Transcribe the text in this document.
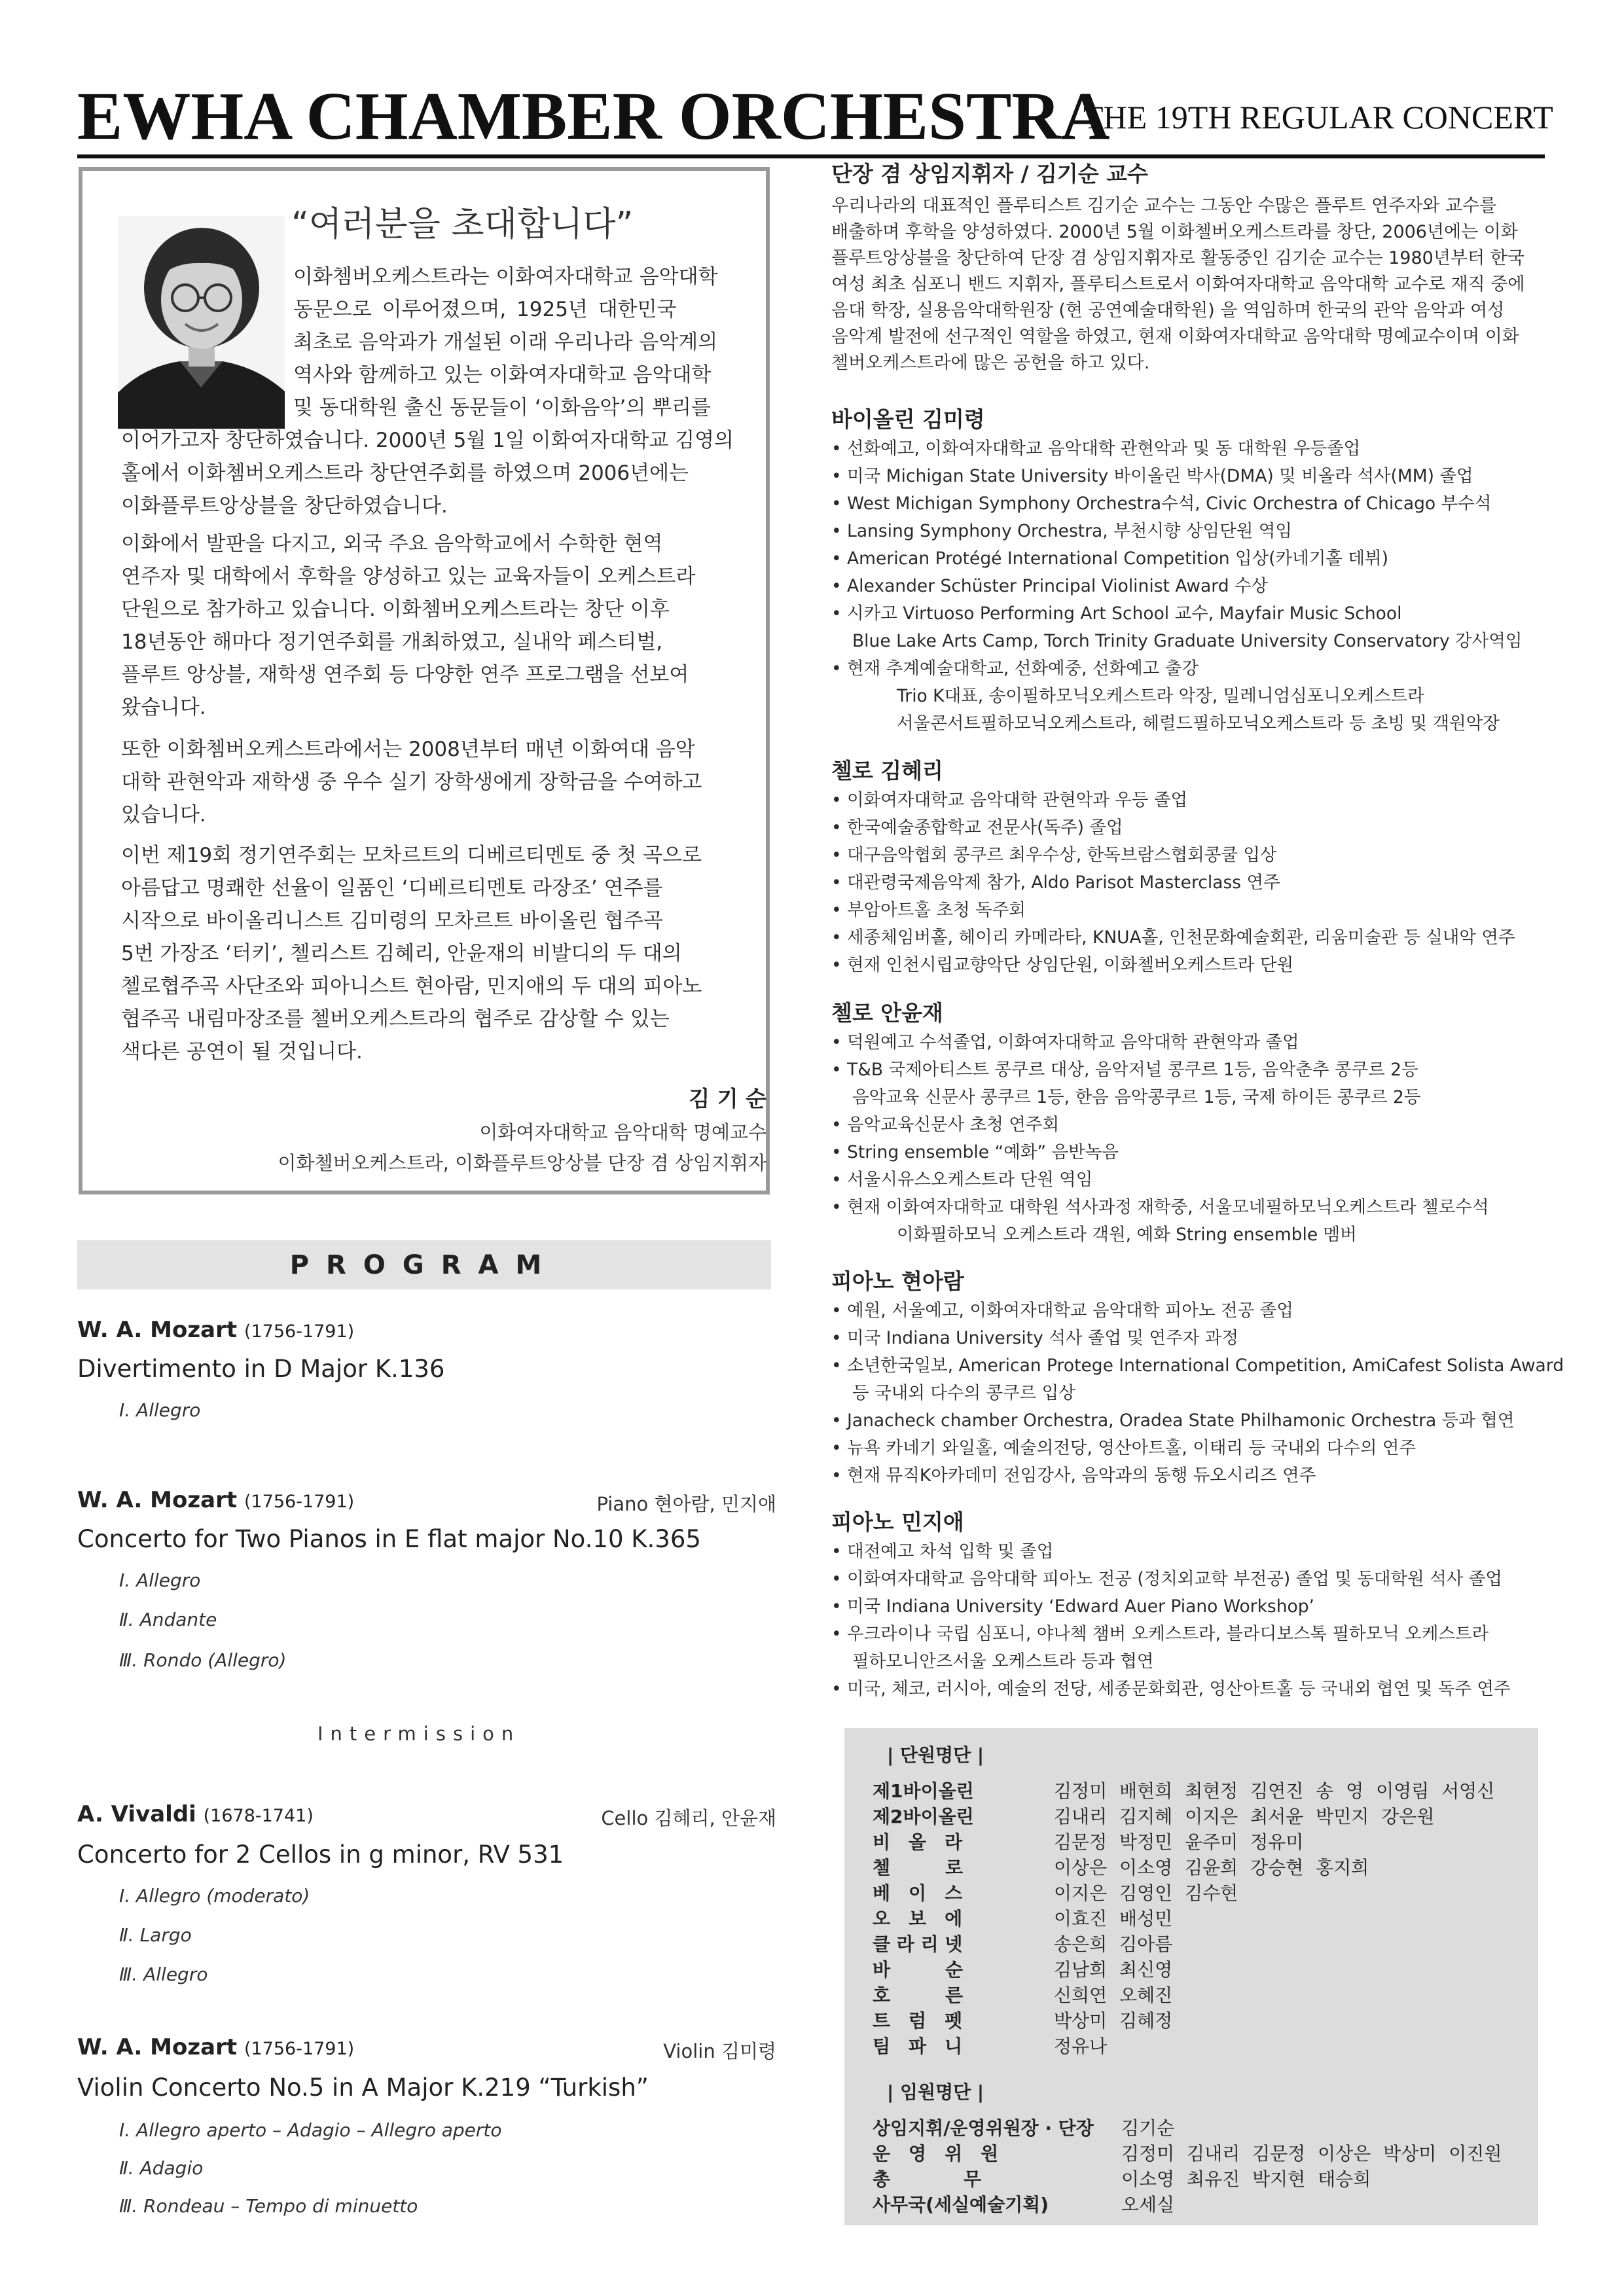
EWHA CHAMBER ORCHESTRA
THE 19TH REGULAR CONCERT
“여러분을 초대합니다”
이화쳄버오케스트라는 이화여자대학교 음악대학
동문으로 이루어졌으며, 1925년 대한민국
최초로 음악과가 개설된 이래 우리나라 음악계의
역사와 함께하고 있는 이화여자대학교 음악대학
및 동대학원 출신 동문들이 ‘이화음악’의 뿌리를
이어가고자 창단하였습니다. 2000년 5월 1일 이화여자대학교 김영의
홀에서 이화쳄버오케스트라 창단연주회를 하였으며 2006년에는
이화플루트앙상블을 창단하였습니다.
이화에서 발판을 다지고, 외국 주요 음악학교에서 수학한 현역
연주자 및 대학에서 후학을 양성하고 있는 교육자들이 오케스트라
단원으로 참가하고 있습니다. 이화쳄버오케스트라는 창단 이후
18년동안 해마다 정기연주회를 개최하였고, 실내악 페스티벌,
플루트 앙상블, 재학생 연주회 등 다양한 연주 프로그램을 선보여
왔습니다.
또한 이화쳄버오케스트라에서는 2008년부터 매년 이화여대 음악
대학 관현악과 재학생 중 우수 실기 장학생에게 장학금을 수여하고
있습니다.
이번 제19회 정기연주회는 모차르트의 디베르티멘토 중 첫 곡으로
아름답고 명쾌한 선율이 일품인 ‘디베르티멘토 라장조’ 연주를
시작으로 바이올리니스트 김미령의 모차르트 바이올린 협주곡
5번 가장조 ‘터키’, 첼리스트 김혜리, 안윤재의 비발디의 두 대의
첼로협주곡 사단조와 피아니스트 현아람, 민지애의 두 대의 피아노
협주곡 내림마장조를 첼버오케스트라의 협주로 감상할 수 있는
색다른 공연이 될 것입니다.
김 기 순
이화여자대학교 음악대학 명예교수
이화첼버오케스트라, 이화플루트앙상블 단장 겸 상임지휘자
PROGRAM
W. A. Mozart (1756-1791)
Divertimento in D Major K.136
Ⅰ. Allegro
W. A. Mozart (1756-1791)	Piano 현아람, 민지애
Concerto for Two Pianos in E flat major No.10 K.365
Ⅰ. Allegro
Ⅱ. Andante
Ⅲ. Rondo (Allegro)
Intermission
A. Vivaldi (1678-1741)	Cello 김혜리, 안윤재
Concerto for 2 Cellos in g minor, RV 531
Ⅰ. Allegro (moderato)
Ⅱ. Largo
Ⅲ. Allegro
W. A. Mozart (1756-1791)	Violin 김미령
Violin Concerto No.5 in A Major K.219 “Turkish”
Ⅰ. Allegro aperto – Adagio – Allegro aperto
Ⅱ. Adagio
Ⅲ. Rondeau – Tempo di minuetto
단장 겸 상임지휘자 / 김기순 교수
우리나라의 대표적인 플루티스트 김기순 교수는 그동안 수많은 플루트 연주자와 교수를
배출하며 후학을 양성하였다. 2000년 5월 이화첼버오케스트라를 창단, 2006년에는 이화
플루트앙상블을 창단하여 단장 겸 상임지휘자로 활동중인 김기순 교수는 1980년부터 한국
여성 최초 심포니 밴드 지휘자, 플루티스트로서 이화여자대학교 음악대학 교수로 재직 중에
음대 학장, 실용음악대학원장 (현 공연예술대학원) 을 역임하며 한국의 관악 음악과 여성
음악계 발전에 선구적인 역할을 하였고, 현재 이화여자대학교 음악대학 명예교수이며 이화
첼버오케스트라에 많은 공헌을 하고 있다.
바이올린 김미령
• 선화예고, 이화여자대학교 음악대학 관현악과 및 동 대학원 우등졸업
• 미국 Michigan State University 바이올린 박사(DMA) 및 비올라 석사(MM) 졸업
• West Michigan Symphony Orchestra수석, Civic Orchestra of Chicago 부수석
• Lansing Symphony Orchestra, 부천시향 상임단원 역임
• American Protégé International Competition 입상(카네기홀 데뷔)
• Alexander Schüster Principal Violinist Award 수상
• 시카고 Virtuoso Performing Art School 교수, Mayfair Music School
Blue Lake Arts Camp, Torch Trinity Graduate University Conservatory 강사역임
• 현재 추계예술대학교, 선화예중, 선화예고 출강
Trio K대표, 송이필하모닉오케스트라 악장, 밀레니엄심포니오케스트라
서울콘서트필하모닉오케스트라, 헤럴드필하모닉오케스트라 등 초빙 및 객원악장
첼로 김혜리
• 이화여자대학교 음악대학 관현악과 우등 졸업
• 한국예술종합학교 전문사(독주) 졸업
• 대구음악협회 콩쿠르 최우수상, 한독브람스협회콩쿨 입상
• 대관령국제음악제 참가, Aldo Parisot Masterclass 연주
• 부암아트홀 초청 독주회
• 세종체임버홀, 헤이리 카메라타, KNUA홀, 인천문화예술회관, 리움미술관 등 실내악 연주
• 현재 인천시립교향악단 상임단원, 이화첼버오케스트라 단원
첼로 안윤재
• 덕원예고 수석졸업, 이화여자대학교 음악대학 관현악과 졸업
• T&B 국제아티스트 콩쿠르 대상, 음악저널 콩쿠르 1등, 음악춘추 콩쿠르 2등
음악교육 신문사 콩쿠르 1등, 한음 음악콩쿠르 1등, 국제 하이든 콩쿠르 2등
• 음악교육신문사 초청 연주회
• String ensemble “예화” 음반녹음
• 서울시유스오케스트라 단원 역임
• 현재 이화여자대학교 대학원 석사과정 재학중, 서울모네필하모닉오케스트라 첼로수석
이화필하모닉 오케스트라 객원, 예화 String ensemble 멤버
피아노 현아람
• 예원, 서울예고, 이화여자대학교 음악대학 피아노 전공 졸업
• 미국 Indiana University 석사 졸업 및 연주자 과정
• 소년한국일보, American Protege International Competition, AmiCafest Solista Award
등 국내외 다수의 콩쿠르 입상
• Janacheck chamber Orchestra, Oradea State Philhamonic Orchestra 등과 협연
• 뉴욕 카네기 와일홀, 예술의전당, 영산아트홀, 이태리 등 국내외 다수의 연주
• 현재 뮤직K아카데미 전임강사, 음악과의 동행 듀오시리즈 연주
피아노 민지애
• 대전예고 차석 입학 및 졸업
• 이화여자대학교 음악대학 피아노 전공 (정치외교학 부전공) 졸업 및 동대학원 석사 졸업
• 미국 Indiana University ‘Edward Auer Piano Workshop’
• 우크라이나 국립 심포니, 야나첵 챔버 오케스트라, 블라디보스톡 필하모닉 오케스트라
필하모니안즈서울 오케스트라 등과 협연
• 미국, 체코, 러시아, 예술의 전당, 세종문화회관, 영산아트홀 등 국내외 협연 및 독주 연주
| 단원명단 |
제1바이올린	김정미 배현희 최현정 김연진 송 영 이영림 서영신
제2바이올린	김내리 김지혜 이지은 최서윤 박민지 강은원
비　올　라	김문정 박정민 윤주미 정유미
첼　　　로	이상은 이소영 김윤희 강승현 홍지희
베　이　스	이지은 김영인 김수현
오　보　에	이효진 배성민
클 라 리 넷	송은희 김아름
바　　　순	김남희 최신영
호　　　른	신희연 오혜진
트　럼　펫	박상미 김혜정
팀　파　니	정유나
| 임원명단 |
상임지휘/운영위원장 · 단장 김기순
운　영　위　원	김정미 김내리 김문정 이상은 박상미 이진원
총　　　　무	이소영 최유진 박지현 태승희
사무국(세실예술기획)	오세실
